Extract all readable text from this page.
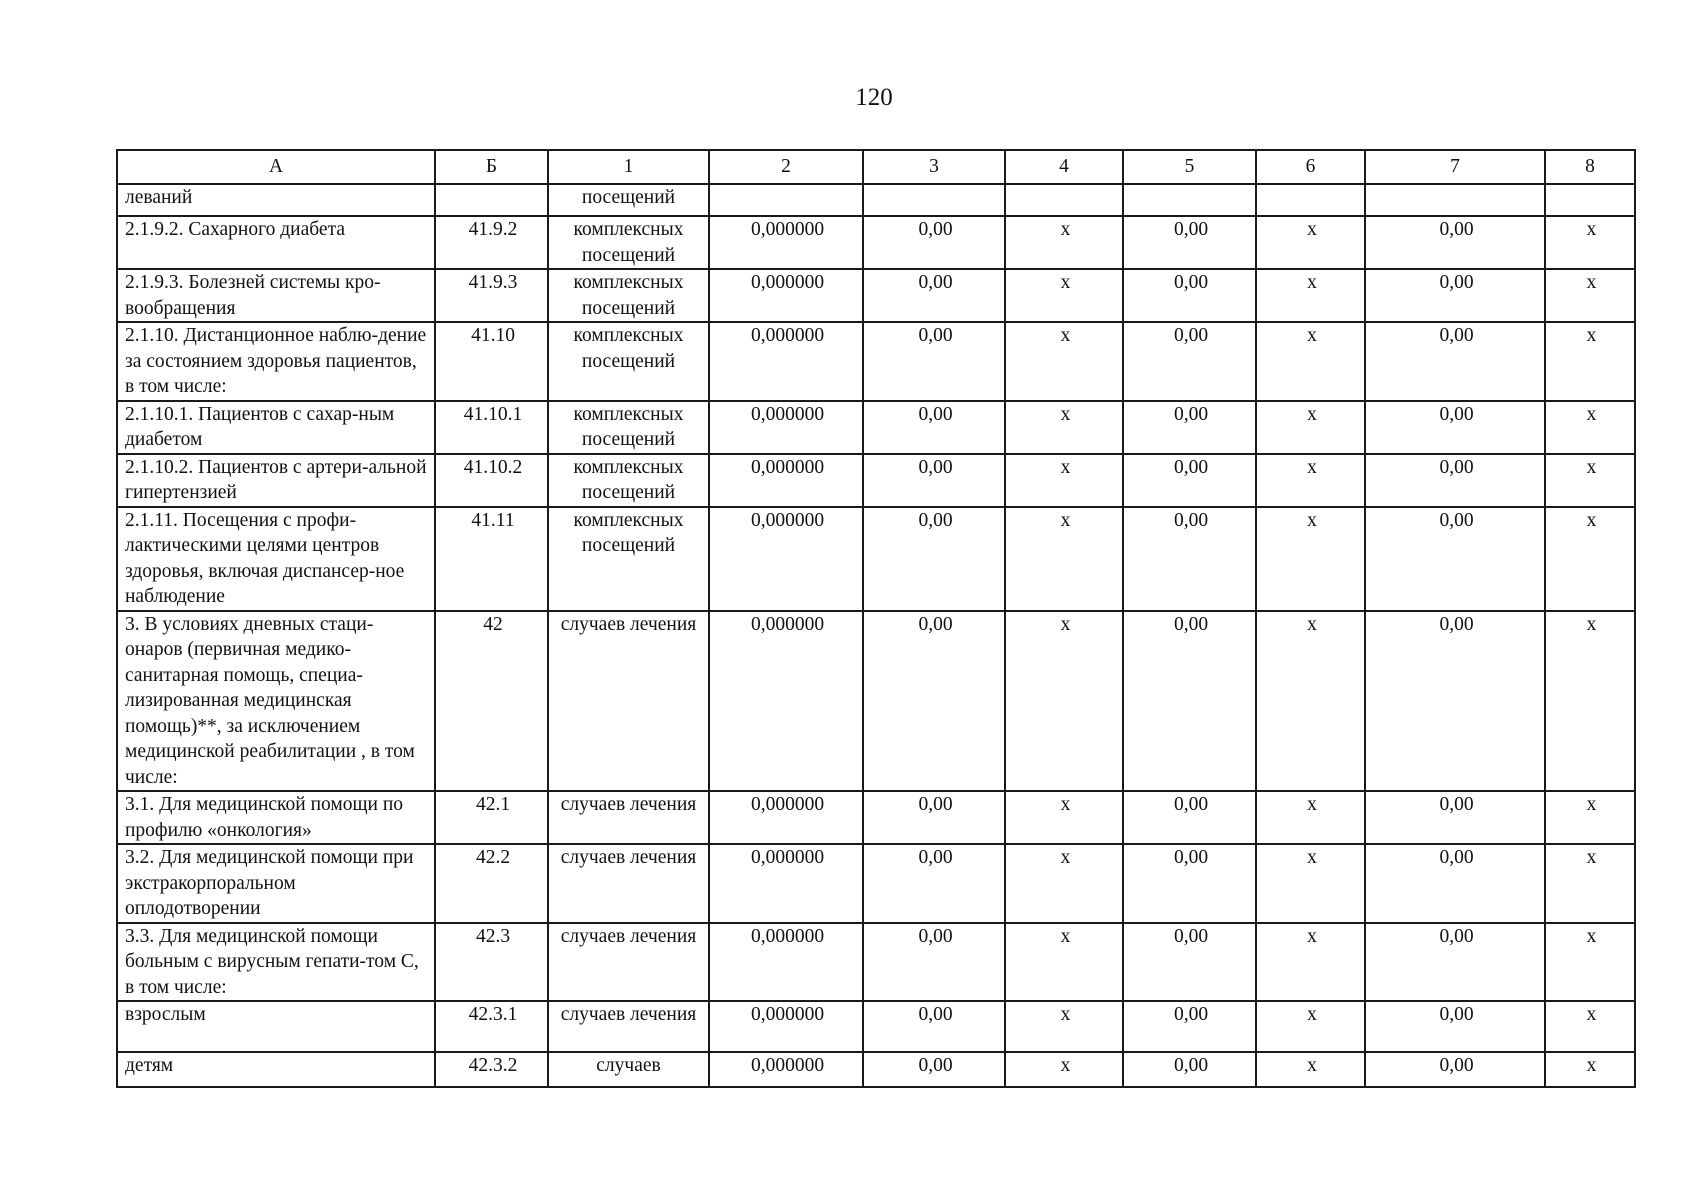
120
А	Б	1	2	3	4	5	6	7	8
леваний		посещений							
2.1.9.2. Сахарного диабета	41.9.2	комплексных посещений	0,000000	0,00	х	0,00	х	0,00	х
2.1.9.3. Болезней системы кро-вообращения	41.9.3	комплексных посещений	0,000000	0,00	х	0,00	х	0,00	х
2.1.10. Дистанционное наблю-дение за состоянием здоровья пациентов, в том числе:	41.10	комплексных посещений	0,000000	0,00	х	0,00	х	0,00	х
2.1.10.1. Пациентов с сахар-ным диабетом	41.10.1	комплексных посещений	0,000000	0,00	х	0,00	х	0,00	х
2.1.10.2. Пациентов с артери-альной гипертензией	41.10.2	комплексных посещений	0,000000	0,00	х	0,00	х	0,00	х
2.1.11. Посещения с профи-лактическими целями центров здоровья, включая диспансер-ное наблюдение	41.11	комплексных посещений	0,000000	0,00	х	0,00	х	0,00	х
3. В условиях дневных стаци-онаров (первичная медико-санитарная помощь, специа-лизированная медицинская помощь)**, за исключением медицинской реабилитации , в том числе:	42	случаев лечения	0,000000	0,00	х	0,00	х	0,00	х
3.1. Для медицинской помощи по профилю «онкология»	42.1	случаев лечения	0,000000	0,00	х	0,00	х	0,00	х
3.2. Для медицинской помощи при экстракорпоральном оплодотворении	42.2	случаев лечения	0,000000	0,00	х	0,00	х	0,00	х
3.3. Для медицинской помощи больным с вирусным гепати-том С, в том числе:	42.3	случаев лечения	0,000000	0,00	х	0,00	х	0,00	х
взрослым	42.3.1	случаев лечения	0,000000	0,00	х	0,00	х	0,00	х
детям	42.3.2	случаев	0,000000	0,00	х	0,00	х	0,00	х
